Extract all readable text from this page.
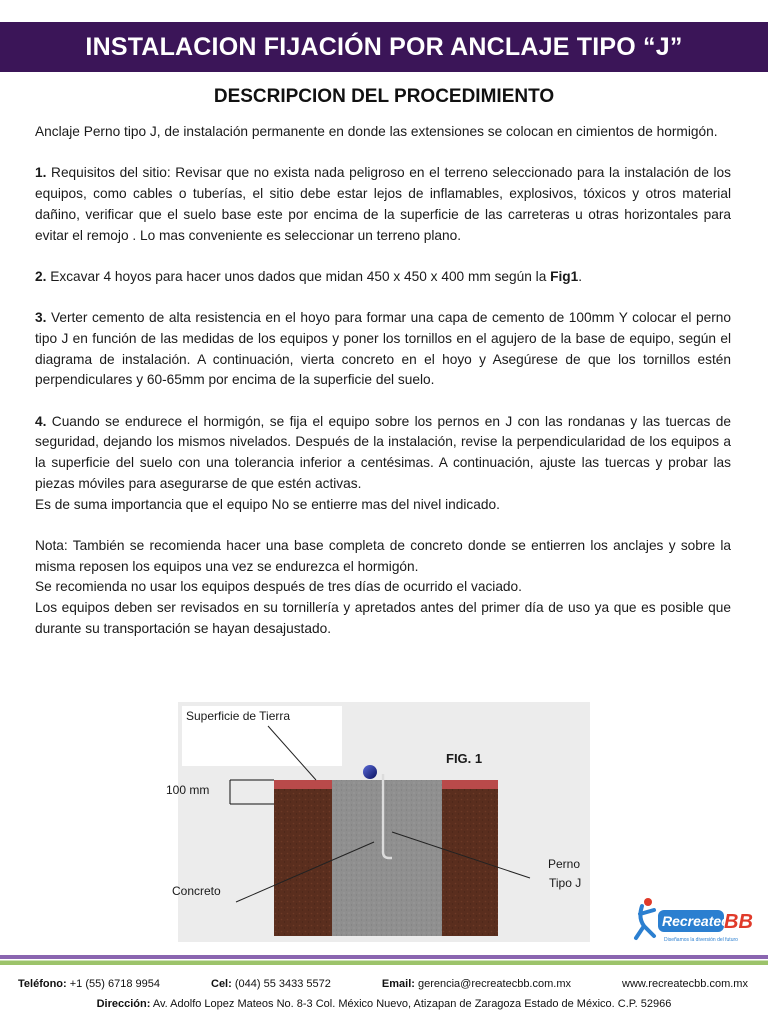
INSTALACION FIJACIÓN POR ANCLAJE TIPO “J”
DESCRIPCION DEL PROCEDIMIENTO

Anclaje Perno tipo J, de instalación permanente en donde las extensiones se colocan en cimientos de hormigón.

1. Requisitos del sitio: Revisar que no exista nada peligroso en el terreno seleccionado para la instalación de los equipos, como cables o tuberías, el sitio debe estar lejos de inflamables, explosivos, tóxicos y otros material dañino, verificar que el suelo base este por encima de la superficie de las carreteras u otras horizontales para evitar el remojo . Lo mas conveniente es seleccionar un terreno plano.

2. Excavar 4 hoyos para hacer unos dados que midan 450 x 450 x 400 mm según la Fig1.

3. Verter cemento de alta resistencia en el hoyo para formar una capa de cemento de 100mm Y colocar el perno tipo J en función de las medidas de los equipos y poner los tornillos en el agujero de la base de equipo, según el diagrama de instalación. A continuación, vierta concreto en el hoyo y Asegúrese de que los tornillos estén perpendiculares y 60-65mm por encima de la superficie del suelo.

4. Cuando se endurece el hormigón, se fija el equipo sobre los pernos en J con las rondanas y las tuercas de seguridad, dejando los mismos nivelados. Después de la instalación, revise la perpendicularidad de los equipos a la superficie del suelo con una tolerancia inferior a centésimas. A continuación, ajuste las tuercas y probar las piezas móviles para asegurarse de que estén activas.

Es de suma importancia que el equipo No se entierre mas del nivel indicado.

Nota: También se recomienda hacer una base completa de concreto donde se entierren los anclajes y sobre la misma reposen los equipos una vez se endurezca el hormigón.

Se recomienda no usar los equipos después de tres días de ocurrido el vaciado.

Los equipos deben ser revisados en su tornillería y apretados antes del primer día de uso ya que es posible que durante su transportación se hayan desajustado.

Superficie de Tierra
100 mm
FIG. 1
Concreto
Perno
Tipo J
Recreatec
BB
Diseñamos la diversión del futuro
Teléfono: +1 (55) 6718 9954	Cel: (044) 55 3433 5572	Email: gerencia@recreatecbb.com.mx	www.recreatecbb.com.mx
Dirección: Av. Adolfo Lopez Mateos No. 8-3 Col. México Nuevo, Atizapan de Zaragoza Estado de México. C.P. 52966
